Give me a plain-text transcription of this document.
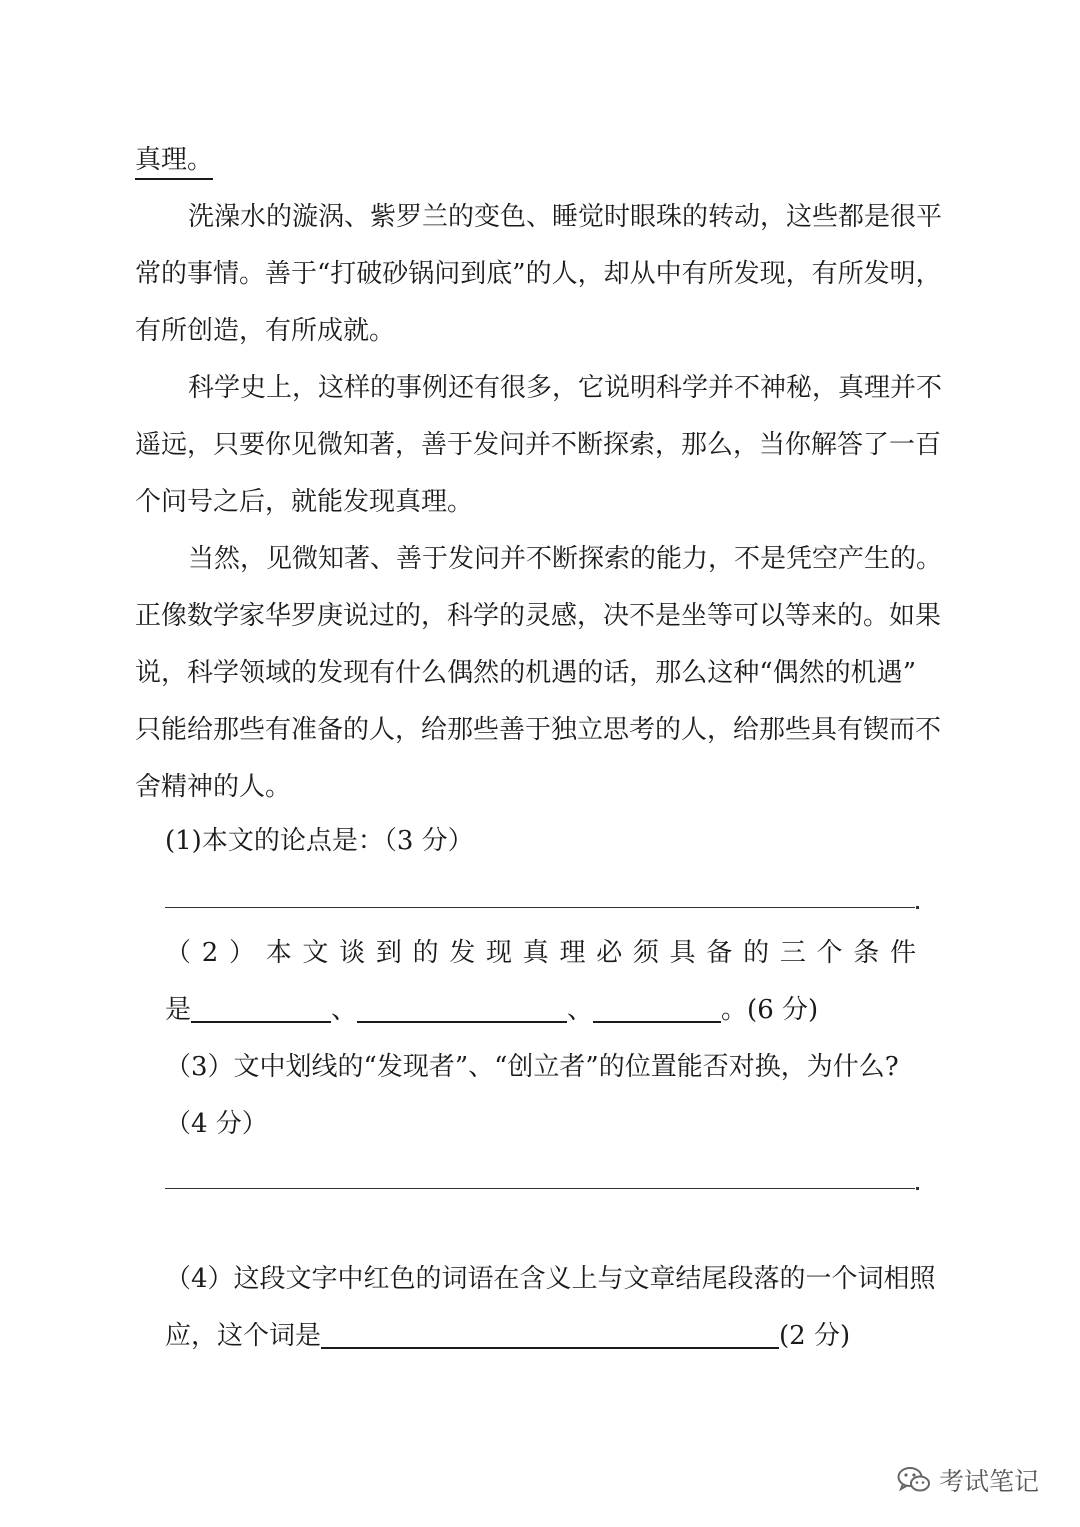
真理。
洗澡水的漩涡、紫罗兰的变色、睡觉时眼珠的转动，这些都是很平
常的事情。善于“打破砂锅问到底”的人，却从中有所发现，有所发明，
有所创造，有所成就。
科学史上，这样的事例还有很多，它说明科学并不神秘，真理并不
遥远，只要你见微知著，善于发问并不断探索，那么，当你解答了一百
个问号之后，就能发现真理。
当然，见微知著、善于发问并不断探索的能力，不是凭空产生的。
正像数学家华罗庚说过的，科学的灵感，决不是坐等可以等来的。如果
说，科学领域的发现有什么偶然的机遇的话，那么这种“偶然的机遇”
只能给那些有准备的人，给那些善于独立思考的人，给那些具有锲而不
舍精神的人。
(1)本文的论点是：（3 分）
（2）本文谈到的发现真理必须具备的三个条件
是	、	、	。(6 分)
（3）文中划线的“发现者”、“创立者”的位置能否对换，为什么?
（4 分）
（4）这段文字中红色的词语在含义上与文章结尾段落的一个词相照
应，这个词是	(2 分)
考试笔记
